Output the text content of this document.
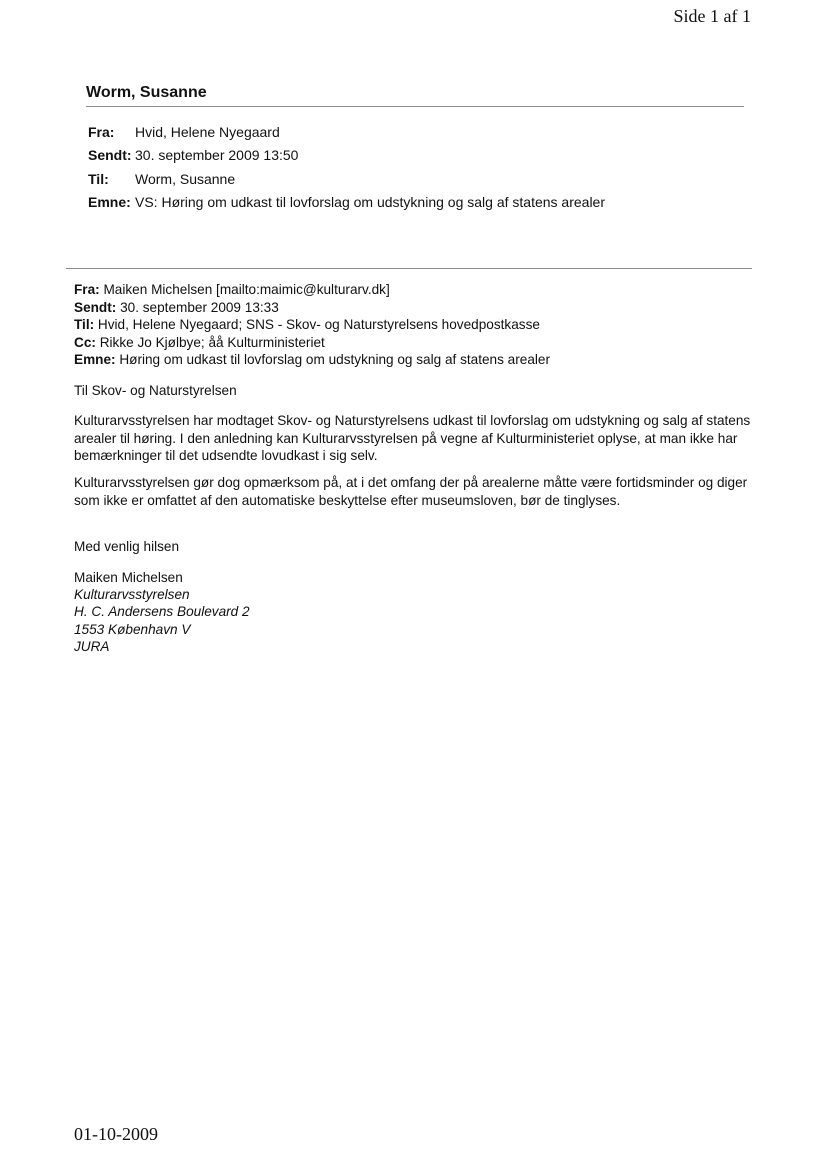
Side 1 af 1
Worm, Susanne
Fra:	Hvid, Helene Nyegaard
Sendt: 30. september 2009 13:50
Til:	Worm, Susanne
Emne: VS: Høring om udkast til lovforslag om udstykning og salg af statens arealer
Fra: Maiken Michelsen [mailto:maimic@kulturarv.dk]
Sendt: 30. september 2009 13:33
Til: Hvid, Helene Nyegaard; SNS - Skov- og Naturstyrelsens hovedpostkasse
Cc: Rikke Jo Kjølbye; åå Kulturministeriet
Emne: Høring om udkast til lovforslag om udstykning og salg af statens arealer

Til Skov- og Naturstyrelsen

Kulturarvsstyrelsen har modtaget Skov- og Naturstyrelsens udkast til lovforslag om udstykning og salg af statens arealer til høring. I den anledning kan Kulturarvsstyrelsen på vegne af Kulturministeriet oplyse, at man ikke har bemærkninger til det udsendte lovudkast i sig selv.

Kulturarvsstyrelsen gør dog opmærksom på, at i det omfang der på arealerne måtte være fortidsminder og diger som ikke er omfattet af den automatiske beskyttelse efter museumsloven, bør de tinglyses.

Med venlig hilsen

Maiken Michelsen
Kulturarvsstyrelsen
H. C. Andersens Boulevard 2
1553 København V
JURA
01-10-2009
